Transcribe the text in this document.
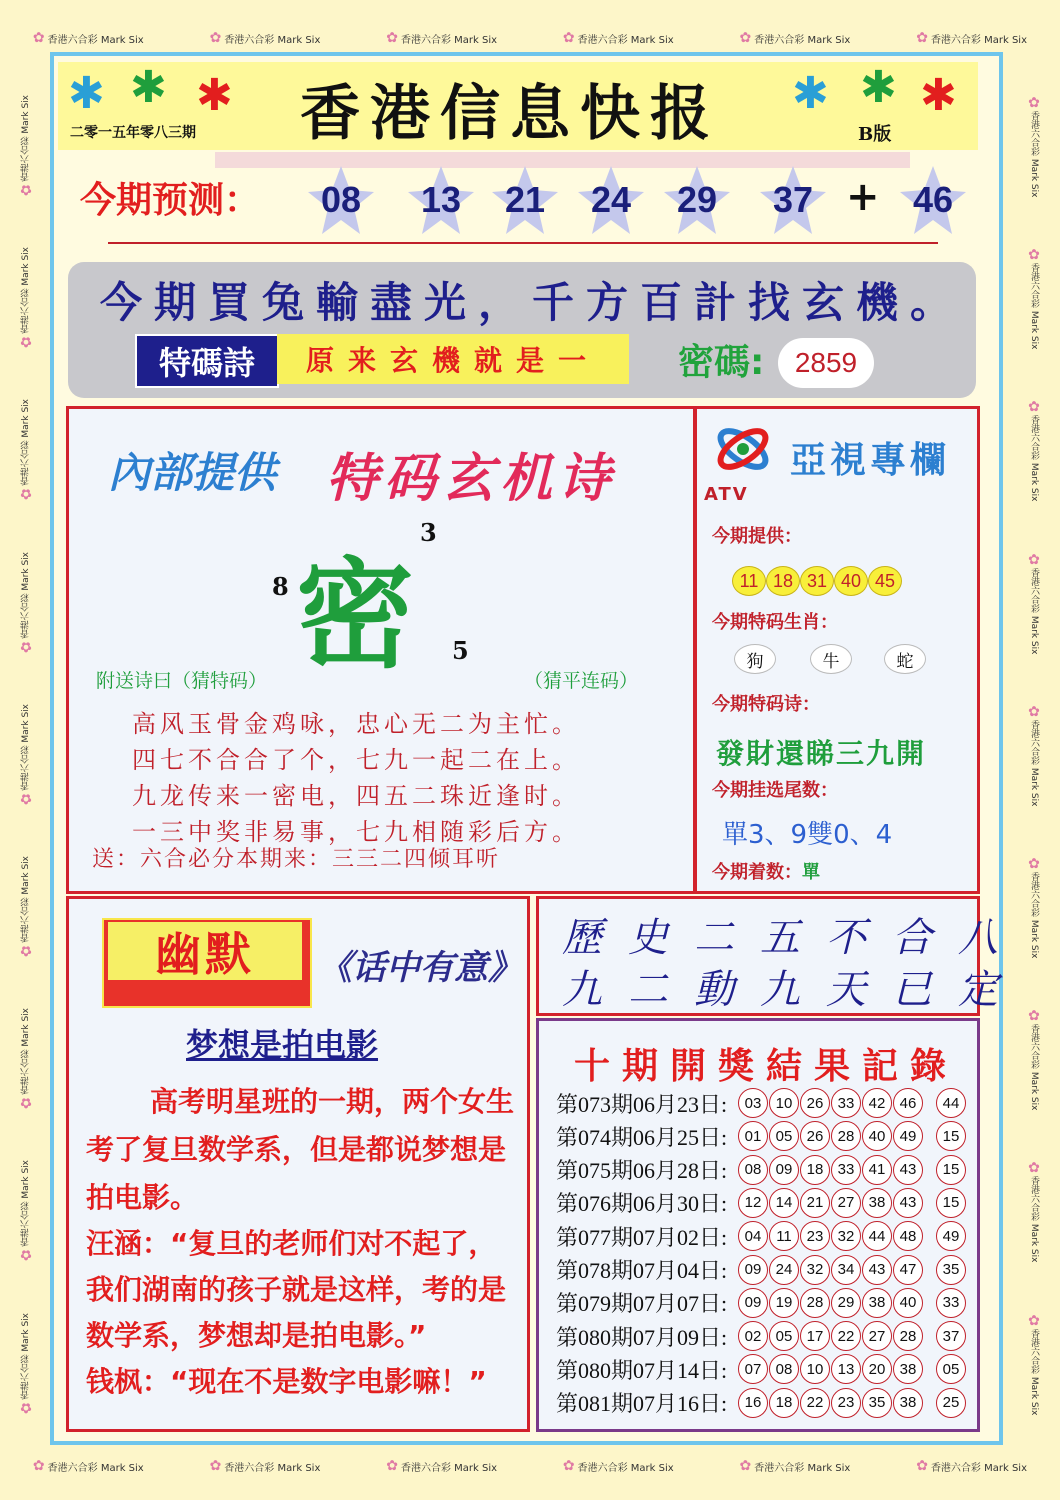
✿ 香港六合彩 Mark Six	✿ 香港六合彩 Mark Six	✿ 香港六合彩 Mark Six	✿ 香港六合彩 Mark Six	✿ 香港六合彩 Mark Six	✿ 香港六合彩 Mark Six
✿ 香港六合彩 Mark Six	✿ 香港六合彩 Mark Six	✿ 香港六合彩 Mark Six	✿ 香港六合彩 Mark Six	✿ 香港六合彩 Mark Six	✿ 香港六合彩 Mark Six
✿香港六合彩 Mark Six
✿香港六合彩 Mark Six
✿香港六合彩 Mark Six
✿香港六合彩 Mark Six
✿香港六合彩 Mark Six
✿香港六合彩 Mark Six
✿香港六合彩 Mark Six
✿香港六合彩 Mark Six
✿香港六合彩 Mark Six
✿香港六合彩 Mark Six
✿香港六合彩 Mark Six
✿香港六合彩 Mark Six
✿香港六合彩 Mark Six
✿香港六合彩 Mark Six
✿香港六合彩 Mark Six
✿香港六合彩 Mark Six
✿香港六合彩 Mark Six
✿香港六合彩 Mark Six
✱ ✱ ✱	✱ ✱ ✱
香港信息快报
二零一五年零八三期	B版
今期预测： 08 13 21 24 29 37	46
+
今期買兔輸盡光，千方百計找玄機。
特碼詩	原来玄機就是一	密碼:	2859
內部提供 特码玄机诗
密
3
8
5
附送诗曰（猜特码）	（猜平连码）
高风玉骨金鸡咏，忠心无二为主忙。
四七不合合了个，七九一起二在上。
九龙传来一密电，四五二珠近逢时。
一三中奖非易事，七九相随彩后方。
送：六合必分本期来：三三二四倾耳听
ATV
亞視專欄
今期提供：
11 18 31 40 45
今期特码生肖：
狗	牛	蛇
今期特码诗：
發財還睇三九開
今期挂选尾数：
單3、9雙0、4
今期着数：單
幽默	《话中有意》
梦想是拍电影
高考明星班的一期，两个女生
考了复旦数学系，但是都说梦想是
拍电影。
汪涵：“复旦的老师们对不起了，
我们湖南的孩子就是这样，考的是
数学系，梦想却是拍电影。”
钱枫：“现在不是数字电影嘛！”
歷史二五不合八
九二動九天已定
十期開獎結果記錄
第073期06月23日:	03 10 26 33 42 46	44
第074期06月25日:	01 05 26 28 40 49	15
第075期06月28日:	08 09 18 33 41 43	15
第076期06月30日:	12 14 21 27 38 43	15
第077期07月02日:	04 11 23 32 44 48	49
第078期07月04日:	09 24 32 34 43 47	35
第079期07月07日:	09 19 28 29 38 40	33
第080期07月09日:	02 05 17 22 27 28	37
第080期07月14日:	07 08 10 13 20 38	05
第081期07月16日:	16 18 22 23 35 38	25
